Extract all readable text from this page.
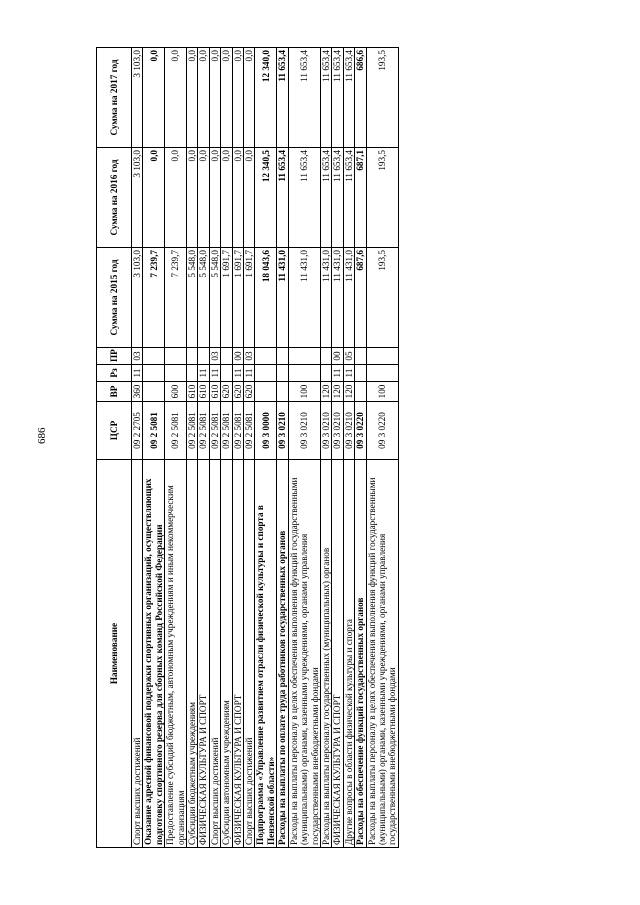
686
Наименование	ЦСР	ВР	Рз	ПР	Сумма на 2015 год	Сумма на 2016 год	Сумма на 2017 год
Спорт высших достижений	09 2 2705	360	11	03	3 103,0	3 103,0	3 103,0
Оказание адресной финансовой поддержки спортивных организаций, осуществляющих подготовку спортивного резерва для сборных команд Российской Федерации	09 2 5081				7 239,7	0,0	0,0
Предоставление субсидий бюджетным, автономным учреждениям и иным некоммерческим организациям	09 2 5081	600			7 239,7	0,0	0,0
Субсидии бюджетным учреждениям	09 2 5081	610			5 548,0	0,0	0,0
ФИЗИЧЕСКАЯ КУЛЬТУРА И СПОРТ	09 2 5081	610	11		5 548,0	0,0	0,0
Спорт высших достижений	09 2 5081	610	11	03	5 548,0	0,0	0,0
Субсидии автономным учреждениям	09 2 5081	620			1 691,7	0,0	0,0
ФИЗИЧЕСКАЯ КУЛЬТУРА И СПОРТ	09 2 5081	620	11	00	1 691,7	0,0	0,0
Спорт высших достижений	09 2 5081	620	11	03	1 691,7	0,0	0,0
Подпрограмма «Управление развитием отрасли физической культуры и спорта в Пензенской области»	09 3 0000				18 043,6	12 340,5	12 340,0
Расходы на выплаты по оплате труда работников государственных органов	09 3 0210				11 431,0	11 653,4	11 653,4
Расходы на выплаты персоналу в целях обеспечения выполнения функций государственными (муниципальными) органами, казенными учреждениями, органами управления государственными внебюджетными фондами	09 3 0210	100			11 431,0	11 653,4	11 653,4
Расходы на выплаты персоналу государственных (муниципальных) органов	09 3 0210	120			11 431,0	11 653,4	11 653,4
ФИЗИЧЕСКАЯ КУЛЬТУРА И СПОРТ	09 3 0210	120	11	00	11 431,0	11 653,4	11 653,4
Другие вопросы в области физической культуры и спорта	09 3 0210	120	11	05	11 431,0	11 653,4	11 653,4
Расходы на обеспечение функций государственных органов	09 3 0220				687,6	687,1	686,6
Расходы на выплаты персоналу в целях обеспечения выполнения функций государственными (муниципальными) органами, казенными учреждениями, органами управления государственными внебюджетными фондами	09 3 0220	100			193,5	193,5	193,5
